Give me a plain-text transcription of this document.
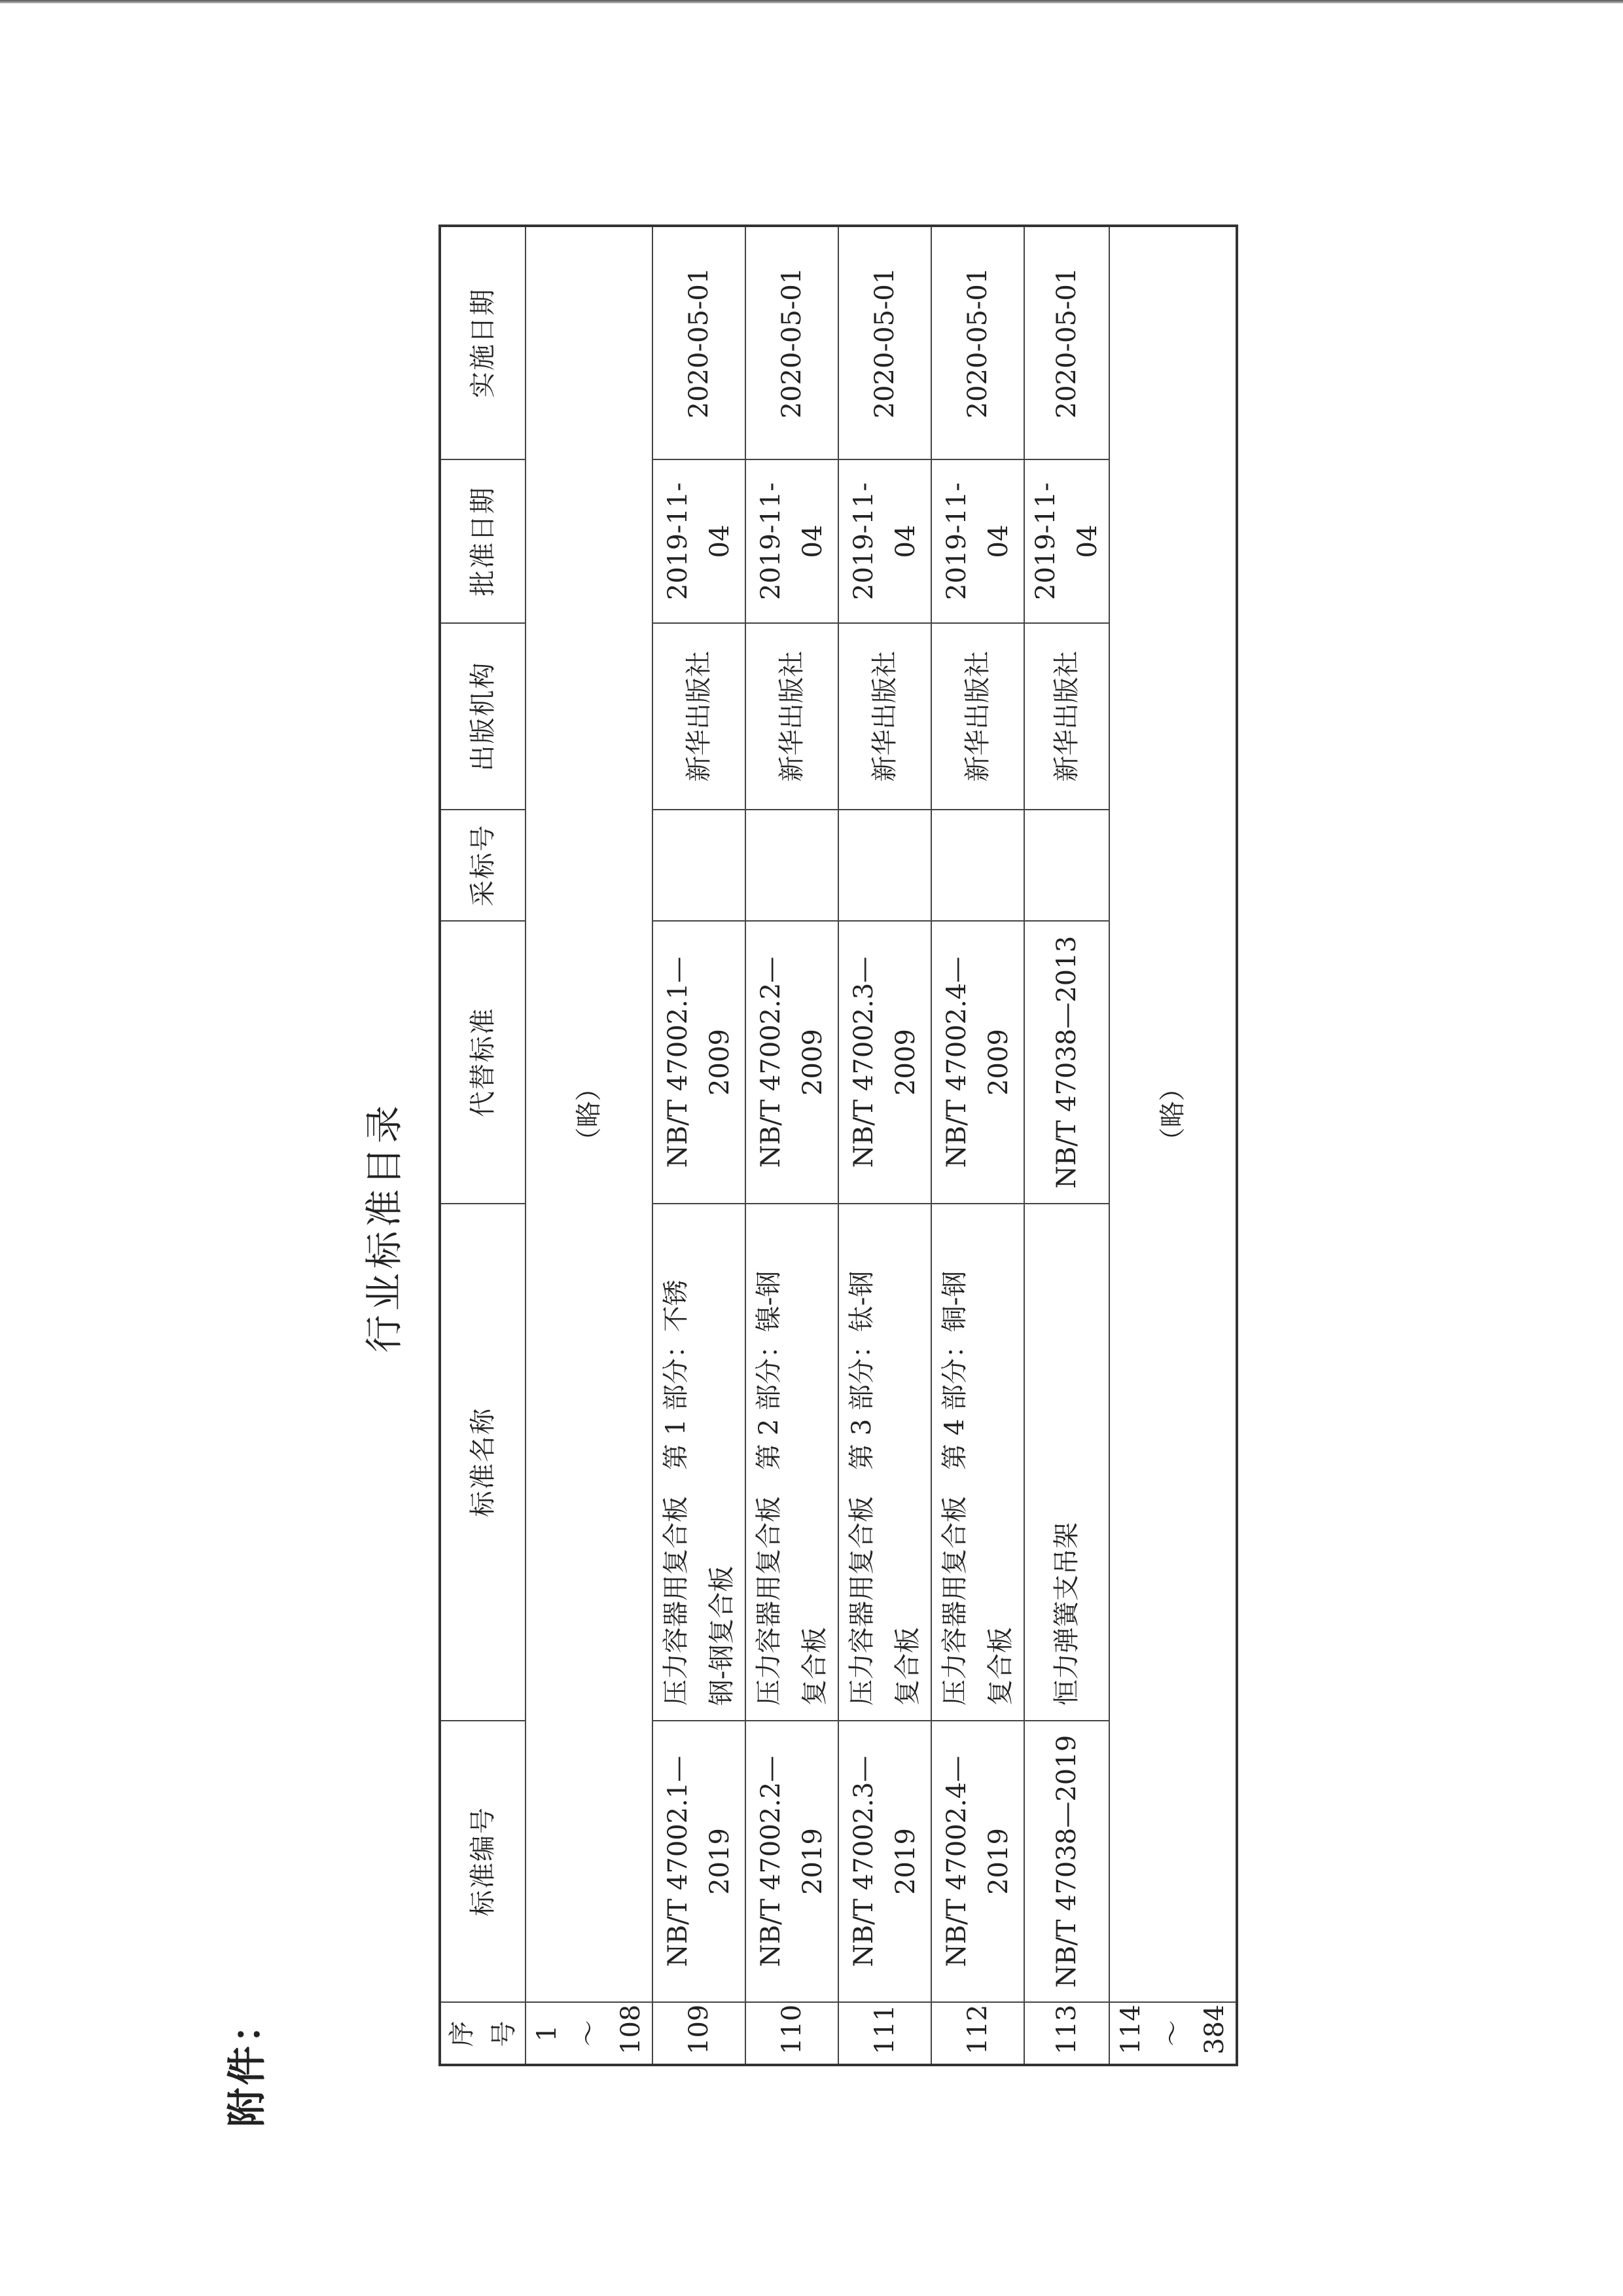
附件：
行业标准目录
序号	标准编号	标准名称	代替标准	采标号	出版机构	批准日期	实施日期
1～108	（略）						
109	NB/T 47002.1—2019	压力容器用复合板　第 1 部分：不锈 钢-钢复合板	NB/T 47002.1—2009		新华出版社	2019-11-04	2020-05-01
110	NB/T 47002.2—2019	压力容器用复合板　第 2 部分：镍-钢 复合板	NB/T 47002.2—2009		新华出版社	2019-11-04	2020-05-01
111	NB/T 47002.3—2019	压力容器用复合板　第 3 部分：钛-钢 复合板	NB/T 47002.3—2009		新华出版社	2019-11-04	2020-05-01
112	NB/T 47002.4—2019	压力容器用复合板　第 4 部分：铜-钢 复合板	NB/T 47002.4—2009		新华出版社	2019-11-04	2020-05-01
113	NB/T 47038—2019	恒力弹簧支吊架	NB/T 47038—2013		新华出版社	2019-11-04	2020-05-01
114～384	（略）						
